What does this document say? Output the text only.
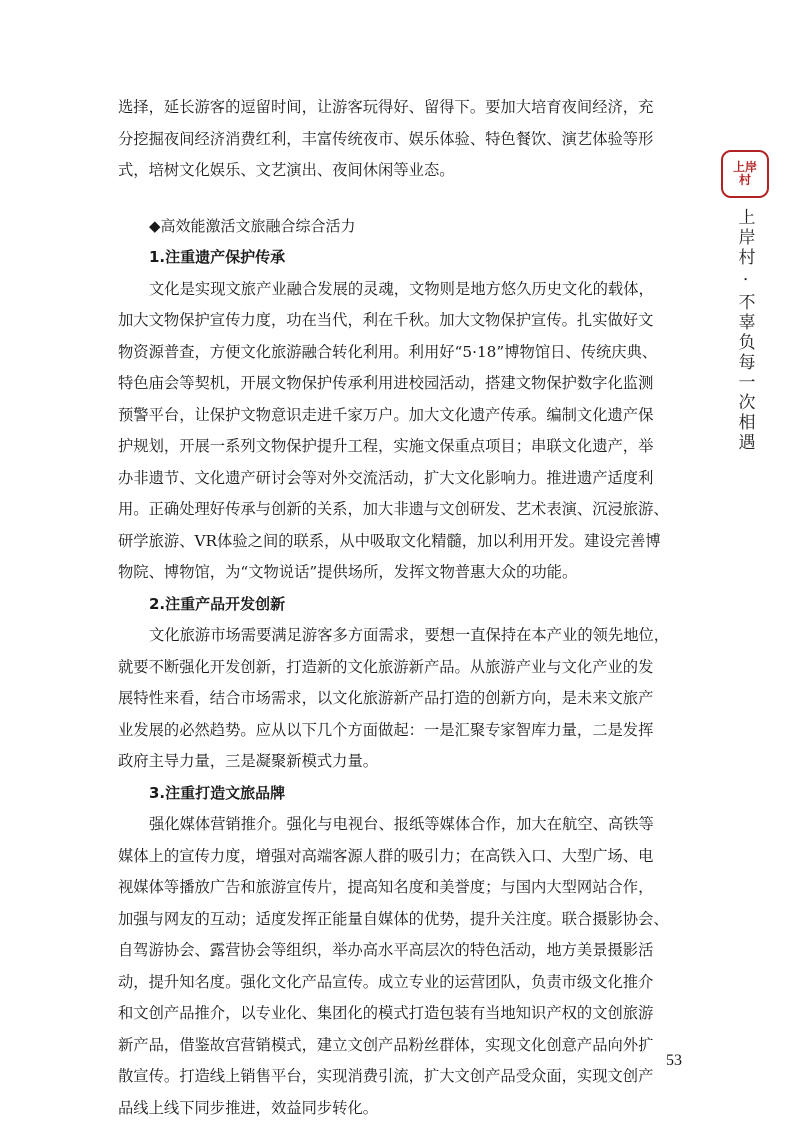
选择，延长游客的逗留时间，让游客玩得好、留得下。要加大培育夜间经济，充
分挖掘夜间经济消费红利，丰富传统夜市、娱乐体验、特色餐饮、演艺体验等形
式，培树文化娱乐、文艺演出、夜间休闲等业态。
◆高效能激活文旅融合综合活力
1.注重遗产保护传承
文化是实现文旅产业融合发展的灵魂，文物则是地方悠久历史文化的载体，
加大文物保护宣传力度，功在当代，利在千秋。加大文物保护宣传。扎实做好文
物资源普查，方便文化旅游融合转化利用。利用好“5·18”博物馆日、传统庆典、
特色庙会等契机，开展文物保护传承利用进校园活动，搭建文物保护数字化监测
预警平台，让保护文物意识走进千家万户。加大文化遗产传承。编制文化遗产保
护规划，开展一系列文物保护提升工程，实施文保重点项目；串联文化遗产，举
办非遗节、文化遗产研讨会等对外交流活动，扩大文化影响力。推进遗产适度利
用。正确处理好传承与创新的关系，加大非遗与文创研发、艺术表演、沉浸旅游、
研学旅游、VR体验之间的联系，从中吸取文化精髓，加以利用开发。建设完善博
物院、博物馆，为“文物说话”提供场所，发挥文物普惠大众的功能。
2.注重产品开发创新
文化旅游市场需要满足游客多方面需求，要想一直保持在本产业的领先地位，
就要不断强化开发创新，打造新的文化旅游新产品。从旅游产业与文化产业的发
展特性来看，结合市场需求，以文化旅游新产品打造的创新方向，是未来文旅产
业发展的必然趋势。应从以下几个方面做起：一是汇聚专家智库力量，二是发挥
政府主导力量，三是凝聚新模式力量。
3.注重打造文旅品牌
强化媒体营销推介。强化与电视台、报纸等媒体合作，加大在航空、高铁等
媒体上的宣传力度，增强对高端客源人群的吸引力；在高铁入口、大型广场、电
视媒体等播放广告和旅游宣传片，提高知名度和美誉度；与国内大型网站合作，
加强与网友的互动；适度发挥正能量自媒体的优势，提升关注度。联合摄影协会、
自驾游协会、露营协会等组织，举办高水平高层次的特色活动，地方美景摄影活
动，提升知名度。强化文化产品宣传。成立专业的运营团队，负责市级文化推介
和文创产品推介，以专业化、集团化的模式打造包装有当地知识产权的文创旅游
新产品，借鉴故宫营销模式，建立文创产品粉丝群体，实现文化创意产品向外扩
散宣传。打造线上销售平台，实现消费引流，扩大文创产品受众面，实现文创产
品线上线下同步推进，效益同步转化。
上岸
村
上岸村 · 不辜负每一次相遇
53
